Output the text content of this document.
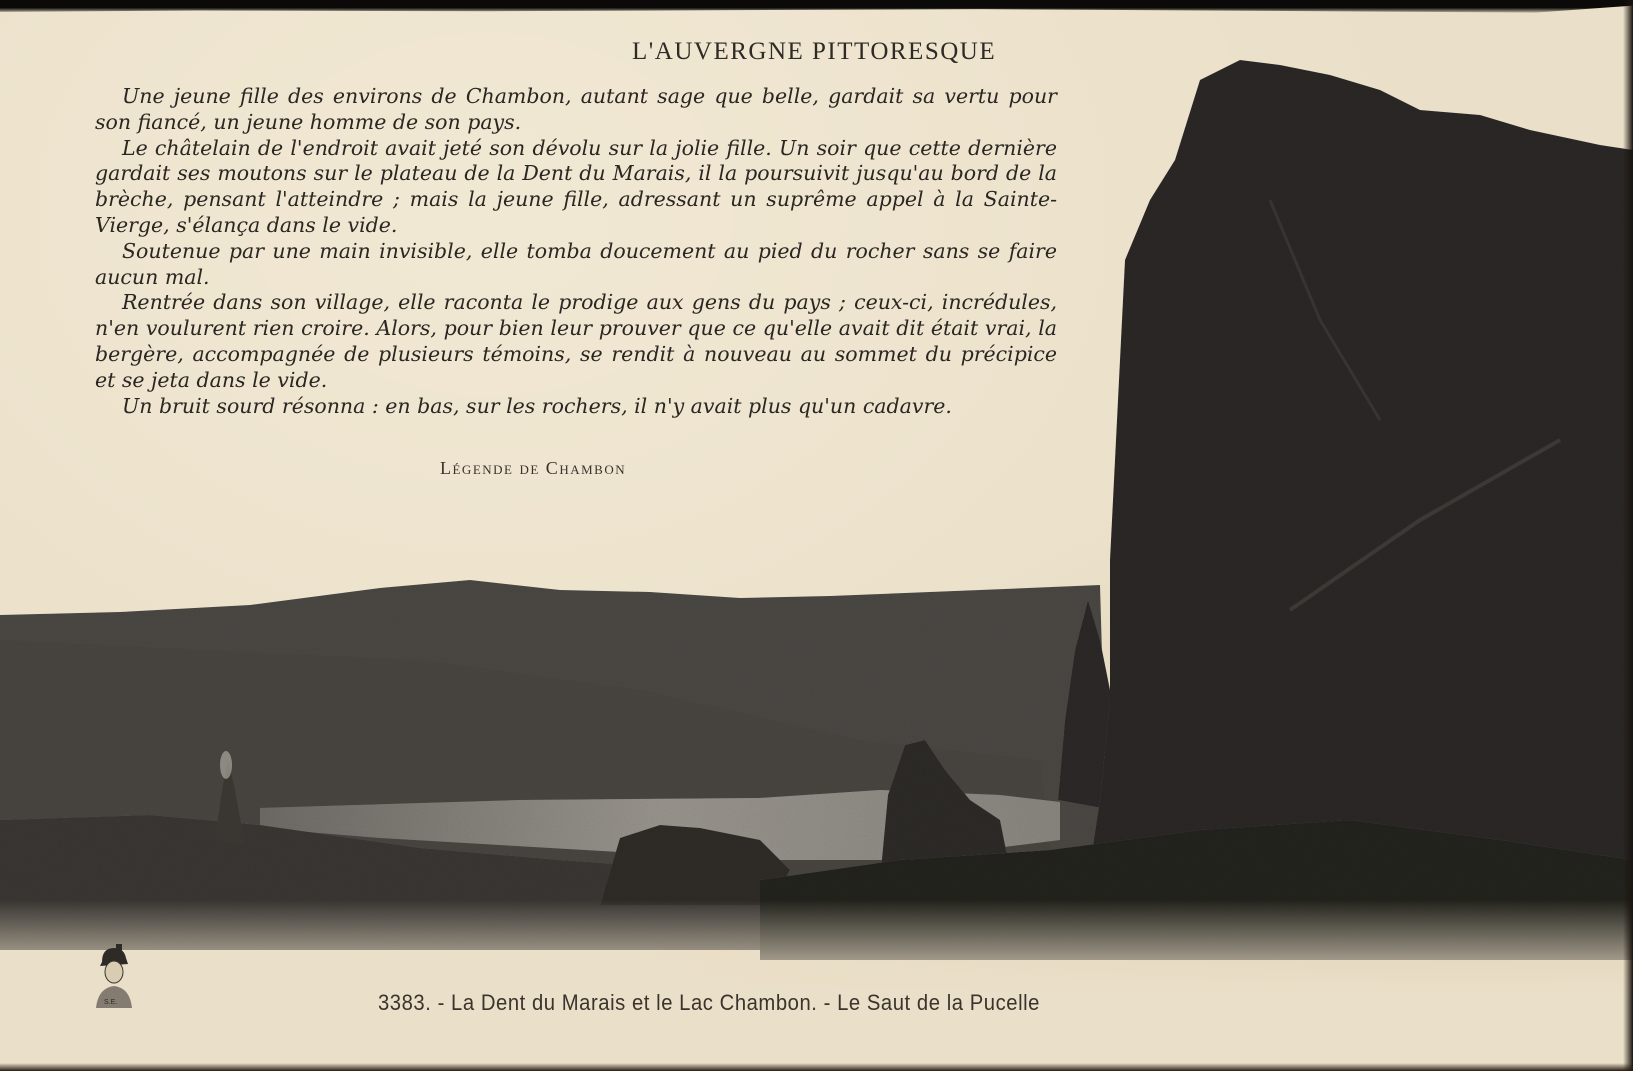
L'AUVERGNE PITTORESQUE

Une jeune fille des environs de Chambon, autant sage que belle, gardait sa vertu pour son fiancé, un jeune homme de son pays.

Le châtelain de l'endroit avait jeté son dévolu sur la jolie fille. Un soir que cette dernière gardait ses moutons sur le plateau de la Dent du Marais, il la poursuivit jusqu'au bord de la brèche, pensant l'atteindre ; mais la jeune fille, adressant un suprême appel à la Sainte-Vierge, s'élança dans le vide.

Soutenue par une main invisible, elle tomba doucement au pied du rocher sans se faire aucun mal.

Rentrée dans son village, elle raconta le prodige aux gens du pays ; ceux-ci, incrédules, n'en voulurent rien croire. Alors, pour bien leur prouver que ce qu'elle avait dit était vrai, la bergère, accompagnée de plusieurs témoins, se rendit à nouveau au sommet du précipice et se jeta dans le vide.

Un bruit sourd résonna : en bas, sur les rochers, il n'y avait plus qu'un cadavre.

Légende de Chambon
S.E.	3383. - La Dent du Marais et le Lac Chambon. - Le Saut de la Pucelle
